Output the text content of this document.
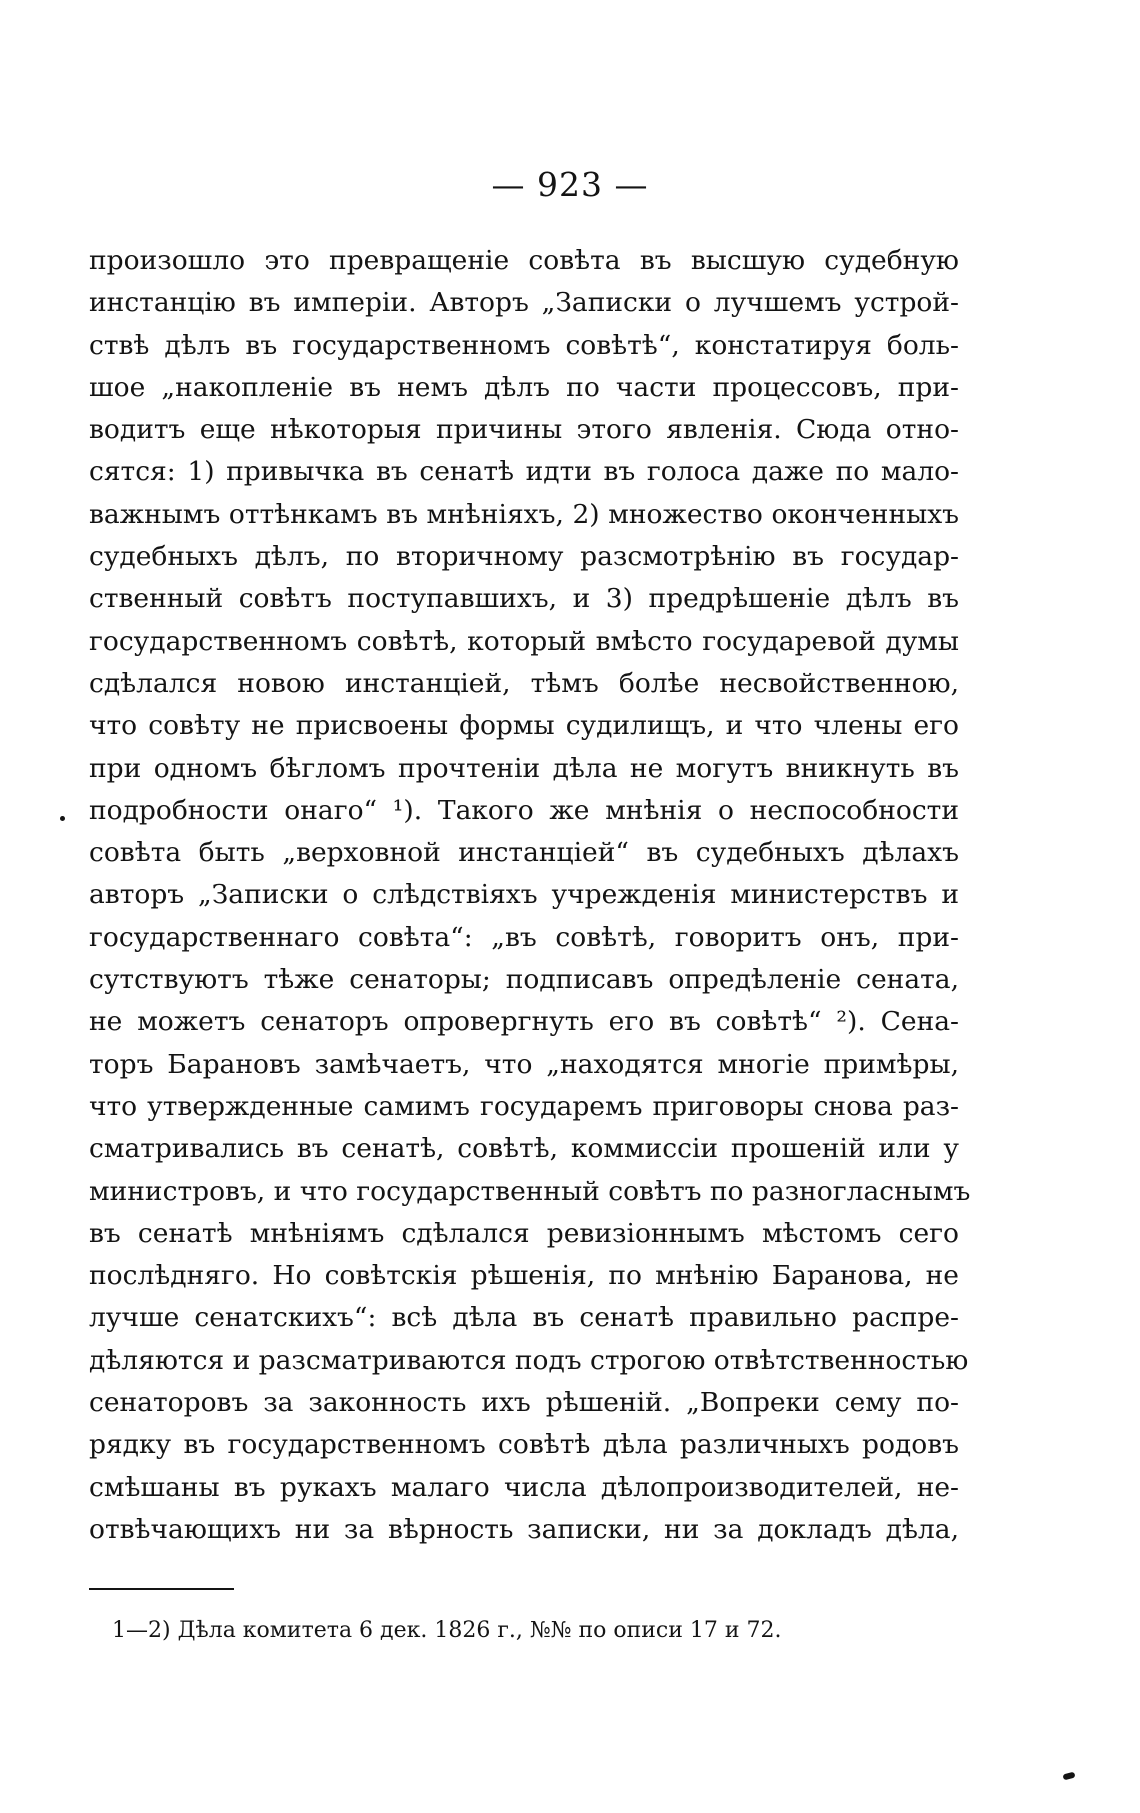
— 923 —
произошло это превращеніе совѣта въ высшую судебную
инстанцію въ имперіи. Авторъ „Записки о лучшемъ устрой-
ствѣ дѣлъ въ государственномъ совѣтѣ“, констатируя боль-
шое „накопленіе въ немъ дѣлъ по части процессовъ, при-
водитъ еще нѣкоторыя причины этого явленія. Сюда отно-
сятся: 1) привычка въ сенатѣ идти въ голоса даже по мало-
важнымъ оттѣнкамъ въ мнѣніяхъ, 2) множество оконченныхъ
судебныхъ дѣлъ, по вторичному разсмотрѣнію въ государ-
ственный совѣтъ поступавшихъ, и 3) предрѣшеніе дѣлъ въ
государственномъ совѣтѣ, который вмѣсто государевой думы
сдѣлался новою инстанціей, тѣмъ болѣе несвойственною,
что совѣту не присвоены формы судилищъ, и что члены его
при одномъ бѣгломъ прочтеніи дѣла не могутъ вникнуть въ
подробности онаго“ ¹). Такого же мнѣнія о неспособности
совѣта быть „верховной инстанціей“ въ судебныхъ дѣлахъ
авторъ „Записки о слѣдствіяхъ учрежденія министерствъ и
государственнаго совѣта“: „въ совѣтѣ, говоритъ онъ, при-
сутствуютъ тѣже сенаторы; подписавъ опредѣленіе сената,
не можетъ сенаторъ опровергнуть его въ совѣтѣ“ ²). Сена-
торъ Барановъ замѣчаетъ, что „находятся многіе примѣры,
что утвержденные самимъ государемъ приговоры снова раз-
сматривались въ сенатѣ, совѣтѣ, коммиссіи прошеній или у
министровъ, и что государственный совѣтъ по разногласнымъ
въ сенатѣ мнѣніямъ сдѣлался ревизіоннымъ мѣстомъ сего
послѣдняго. Но совѣтскія рѣшенія, по мнѣнію Баранова, не
лучше сенатскихъ“: всѣ дѣла въ сенатѣ правильно распре-
дѣляются и разсматриваются подъ строгою отвѣтственностью
сенаторовъ за законность ихъ рѣшеній. „Вопреки сему по-
рядку въ государственномъ совѣтѣ дѣла различныхъ родовъ
смѣшаны въ рукахъ малаго числа дѣлопроизводителей, не-
отвѣчающихъ ни за вѣрность записки, ни за докладъ дѣла,
1—2) Дѣла комитета 6 дек. 1826 г., №№ по описи 17 и 72.
